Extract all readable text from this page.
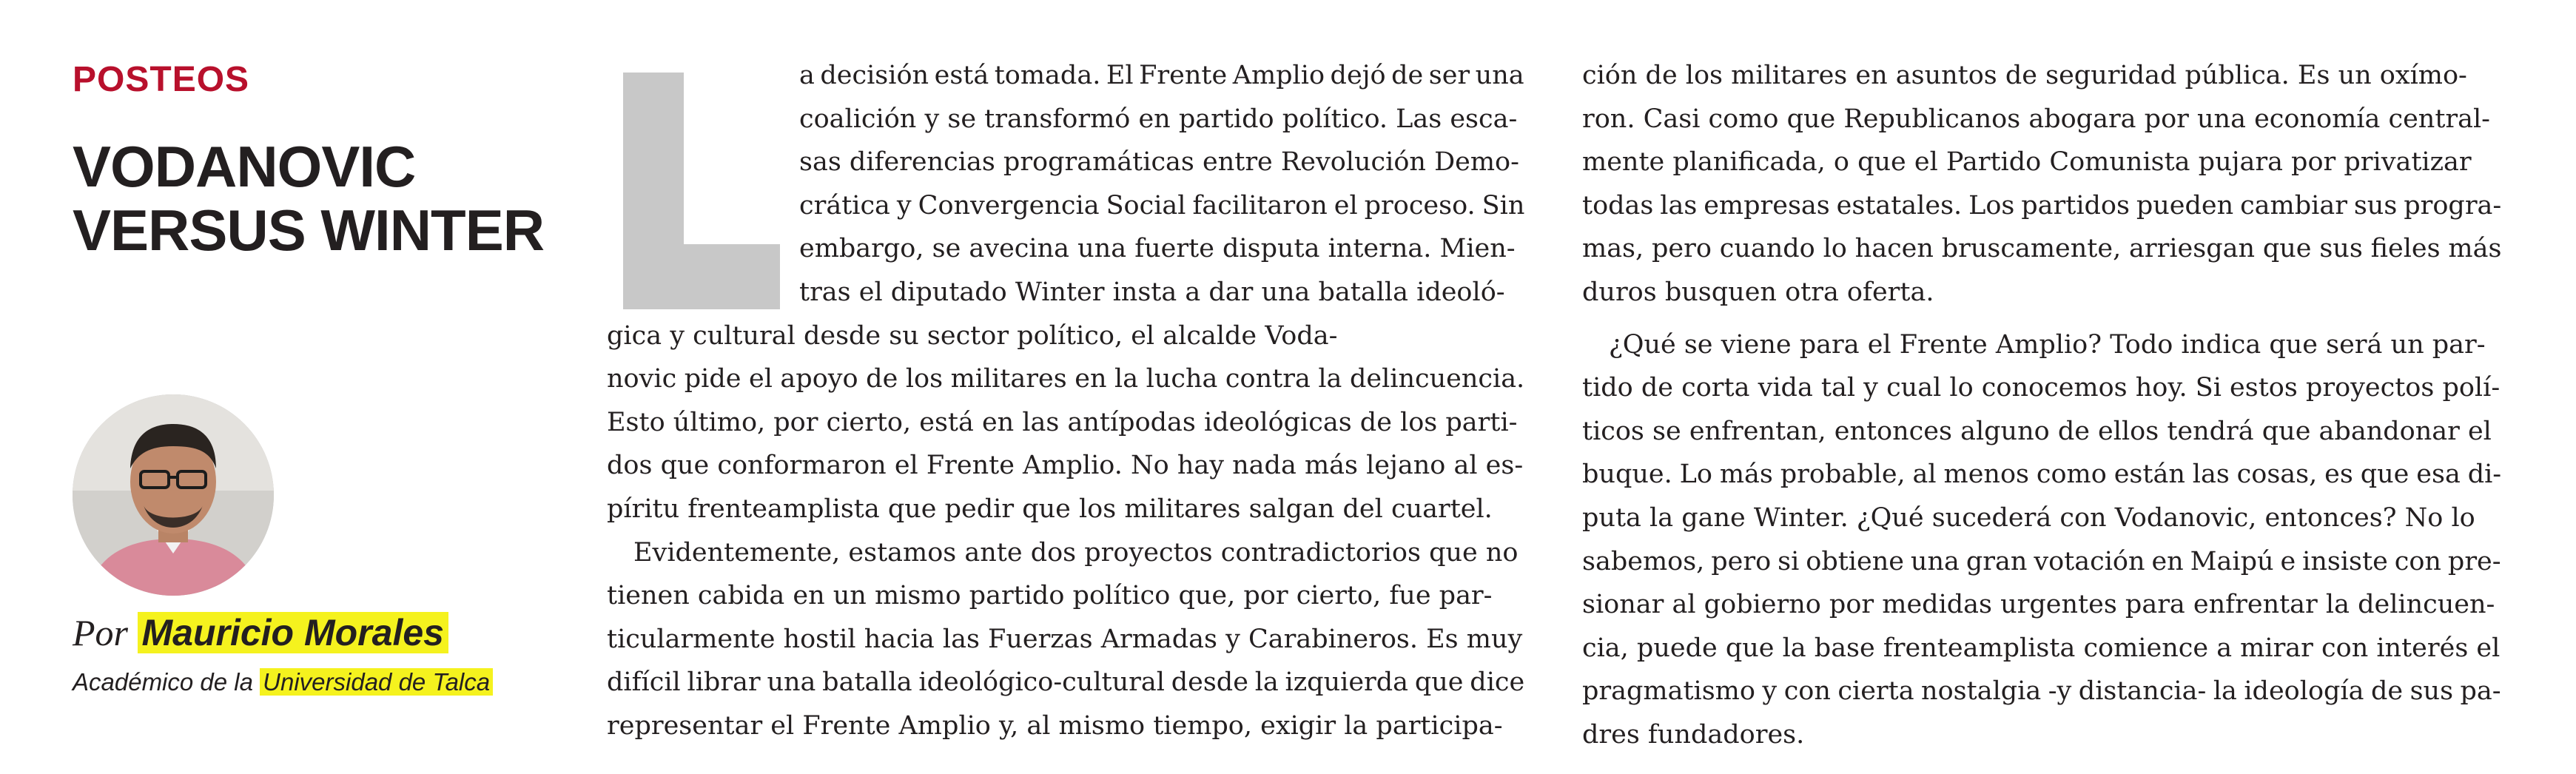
POSTEOS
VODANOVIC
VERSUS WINTER
Por Mauricio Morales
Académico de la Universidad de Talca
a decisión está tomada. El Frente Amplio dejó de ser una
coalición y se transformó en partido político. Las esca-
sas diferencias programáticas entre Revolución Demo-
crática y Convergencia Social facilitaron el proceso. Sin
embargo, se avecina una fuerte disputa interna. Mien-
tras el diputado Winter insta a dar una batalla ideoló-
gica y cultural desde su sector político, el alcalde Voda-
novic pide el apoyo de los militares en la lucha contra la delincuencia.
Esto último, por cierto, está en las antípodas ideológicas de los parti-
dos que conformaron el Frente Amplio. No hay nada más lejano al es-
píritu frenteamplista que pedir que los militares salgan del cuartel.
Evidentemente, estamos ante dos proyectos contradictorios que no
tienen cabida en un mismo partido político que, por cierto, fue par-
ticularmente hostil hacia las Fuerzas Armadas y Carabineros. Es muy
difícil librar una batalla ideológico-cultural desde la izquierda que dice
representar el Frente Amplio y, al mismo tiempo, exigir la participa-
ción de los militares en asuntos de seguridad pública. Es un oxímo-
ron. Casi como que Republicanos abogara por una economía central-
mente planificada, o que el Partido Comunista pujara por privatizar
todas las empresas estatales. Los partidos pueden cambiar sus progra-
mas, pero cuando lo hacen bruscamente, arriesgan que sus fieles más
duros busquen otra oferta.
¿Qué se viene para el Frente Amplio? Todo indica que será un par-
tido de corta vida tal y cual lo conocemos hoy. Si estos proyectos polí-
ticos se enfrentan, entonces alguno de ellos tendrá que abandonar el
buque. Lo más probable, al menos como están las cosas, es que esa di-
puta la gane Winter. ¿Qué sucederá con Vodanovic, entonces? No lo
sabemos, pero si obtiene una gran votación en Maipú e insiste con pre-
sionar al gobierno por medidas urgentes para enfrentar la delincuen-
cia, puede que la base frenteamplista comience a mirar con interés el
pragmatismo y con cierta nostalgia -y distancia- la ideología de sus pa-
dres fundadores.
